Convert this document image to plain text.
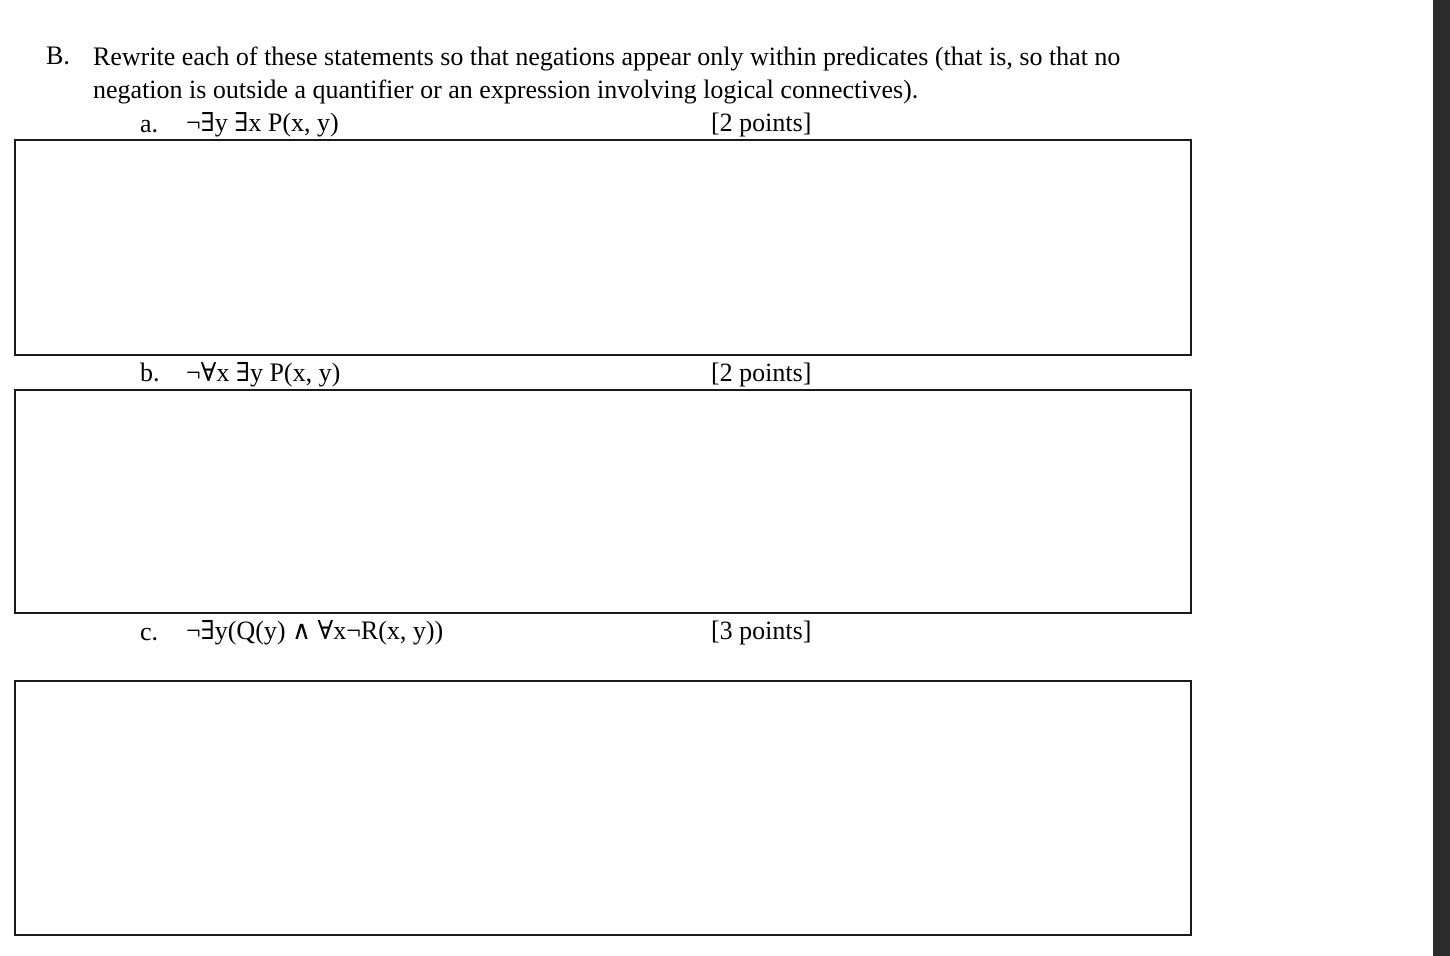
B. Rewrite each of these statements so that negations appear only within predicates (that is, so that no negation is outside a quantifier or an expression involving logical connectives).
a. ¬∃y ∃x P(x, y)	[2 points]
b. ¬∀x ∃y P(x, y)	[2 points]
c. ¬∃y(Q(y) ∧ ∀x¬R(x, y))	[3 points]
